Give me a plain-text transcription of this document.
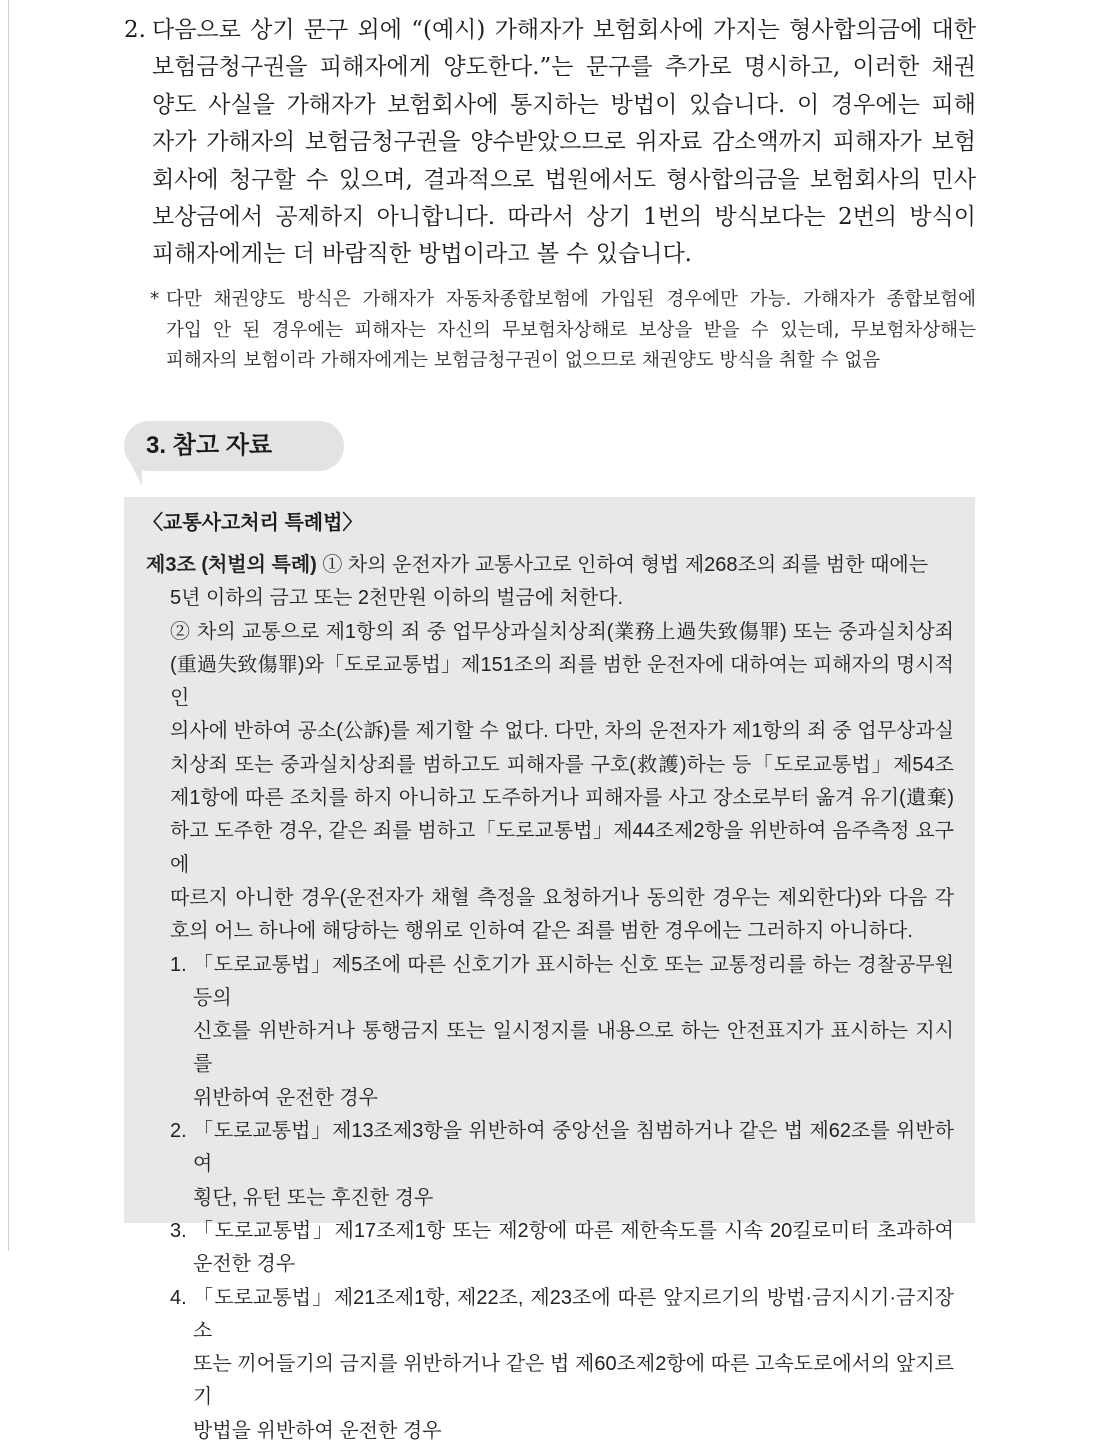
2. 다음으로 상기 문구 외에 “(예시) 가해자가 보험회사에 가지는 형사합의금에 대한
보험금청구권을 피해자에게 양도한다.”는 문구를 추가로 명시하고, 이러한 채권
양도 사실을 가해자가 보험회사에 통지하는 방법이 있습니다. 이 경우에는 피해
자가 가해자의 보험금청구권을 양수받았으므로 위자료 감소액까지 피해자가 보험
회사에 청구할 수 있으며, 결과적으로 법원에서도 형사합의금을 보험회사의 민사
보상금에서 공제하지 아니합니다. 따라서 상기 1번의 방식보다는 2번의 방식이
피해자에게는 더 바람직한 방법이라고 볼 수 있습니다.
* 다만 채권양도 방식은 가해자가 자동차종합보험에 가입된 경우에만 가능. 가해자가 종합보험에
가입 안 된 경우에는 피해자는 자신의 무보험차상해로 보상을 받을 수 있는데, 무보험차상해는
피해자의 보험이라 가해자에게는 보험금청구권이 없으므로 채권양도 방식을 취할 수 없음
3. 참고 자료
〈교통사고처리 특례법〉
제3조 (처벌의 특례) ① 차의 운전자가 교통사고로 인하여 형법 제268조의 죄를 범한 때에는
5년 이하의 금고 또는 2천만원 이하의 벌금에 처한다.
② 차의 교통으로 제1항의 죄 중 업무상과실치상죄(業務上過失致傷罪) 또는 중과실치상죄
(重過失致傷罪)와「도로교통법」제151조의 죄를 범한 운전자에 대하여는 피해자의 명시적인
의사에 반하여 공소(公訴)를 제기할 수 없다. 다만, 차의 운전자가 제1항의 죄 중 업무상과실
치상죄 또는 중과실치상죄를 범하고도 피해자를 구호(救護)하는 등「도로교통법」제54조
제1항에 따른 조치를 하지 아니하고 도주하거나 피해자를 사고 장소로부터 옮겨 유기(遺棄)
하고 도주한 경우, 같은 죄를 범하고「도로교통법」제44조제2항을 위반하여 음주측정 요구에
따르지 아니한 경우(운전자가 채혈 측정을 요청하거나 동의한 경우는 제외한다)와 다음 각
호의 어느 하나에 해당하는 행위로 인하여 같은 죄를 범한 경우에는 그러하지 아니하다.
1. 「도로교통법」제5조에 따른 신호기가 표시하는 신호 또는 교통정리를 하는 경찰공무원등의
신호를 위반하거나 통행금지 또는 일시정지를 내용으로 하는 안전표지가 표시하는 지시를
위반하여 운전한 경우
2. 「도로교통법」제13조제3항을 위반하여 중앙선을 침범하거나 같은 법 제62조를 위반하여
횡단, 유턴 또는 후진한 경우
3. 「도로교통법」제17조제1항 또는 제2항에 따른 제한속도를 시속 20킬로미터 초과하여
운전한 경우
4. 「도로교통법」제21조제1항, 제22조, 제23조에 따른 앞지르기의 방법·금지시기·금지장소
또는 끼어들기의 금지를 위반하거나 같은 법 제60조제2항에 따른 고속도로에서의 앞지르기
방법을 위반하여 운전한 경우
